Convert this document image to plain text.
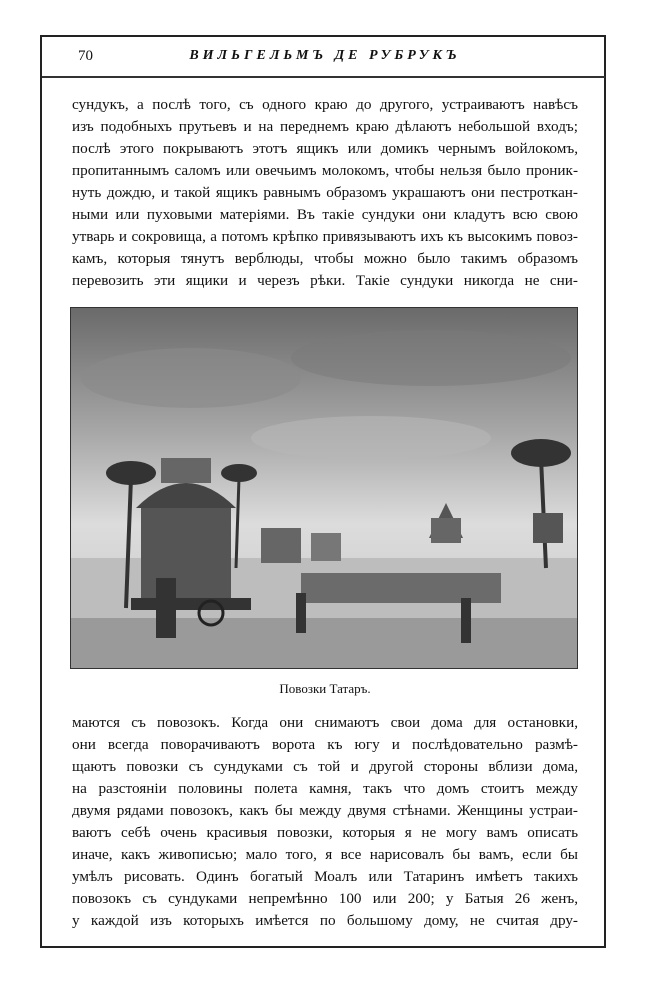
70	ВИЛЬГЕЛЬМЪ ДЕ РУБРУКЪ
сундукъ, а послѣ того, съ одного краю до другого, устраиваютъ навѣсъ
изъ подобныхъ прутьевъ и на переднемъ краю дѣлаютъ небольшой входъ;
послѣ этого покрываютъ этотъ ящикъ или домикъ чернымъ войлокомъ,
пропитаннымъ саломъ или овечьимъ молокомъ, чтобы нельзя было проник-
нуть дождю, и такой ящикъ равнымъ образомъ украшаютъ они пестроткан-
ными или пуховыми матеріями. Въ такіе сундуки они кладутъ всю свою
утварь и сокровища, а потомъ крѣпко привязываютъ ихъ къ высокимъ повоз-
камъ, которыя тянутъ верблюды, чтобы можно было такимъ образомъ
перевозить эти ящики и черезъ рѣки. Такіе сундуки никогда не сни-
Повозки Татаръ.
маются съ повозокъ. Когда они снимаютъ свои дома для остановки,
они всегда поворачиваютъ ворота къ югу и послѣдовательно размѣ-
щаютъ повозки съ сундуками съ той и другой стороны вблизи дома,
на разстояніи половины полета камня, такъ что домъ стоитъ между
двумя рядами повозокъ, какъ бы между двумя стѣнами. Женщины устраи-
ваютъ себѣ очень красивыя повозки, которыя я не могу вамъ описать
иначе, какъ живописью; мало того, я все нарисовалъ бы вамъ, если бы
умѣлъ рисовать. Одинъ богатый Моалъ или Татаринъ имѣетъ такихъ
повозокъ съ сундуками непремѣнно 100 или 200; у Батыя 26 женъ,
у каждой изъ которыхъ имѣется по большому дому, не считая дру-
